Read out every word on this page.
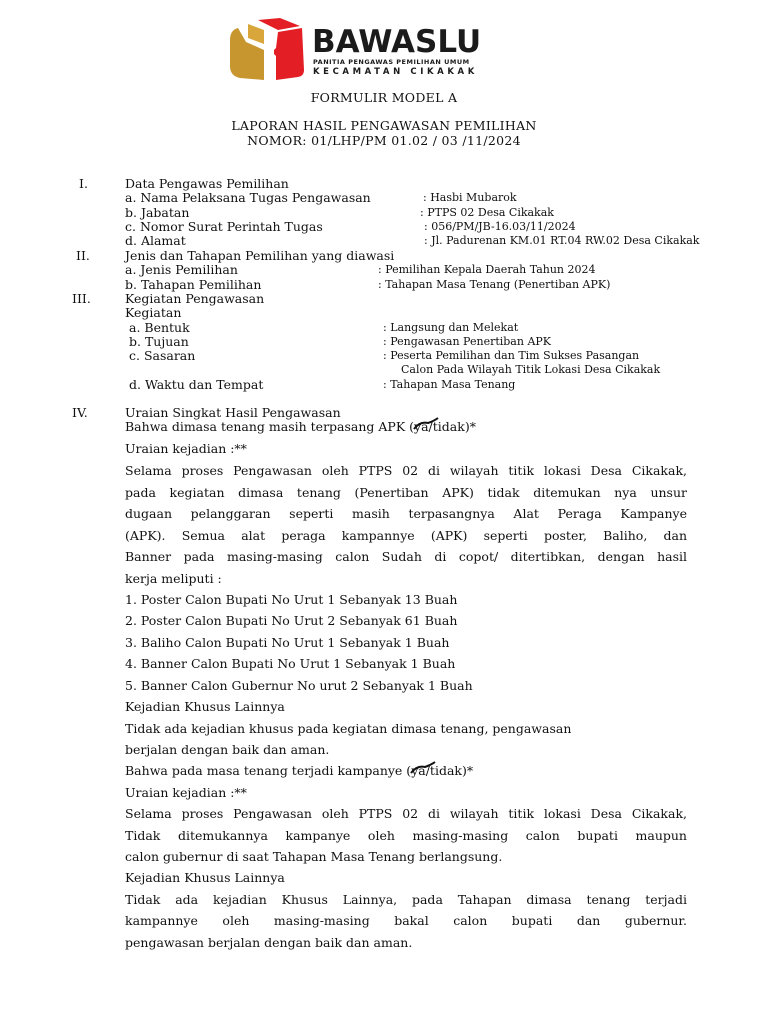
BAWASLU
PANITIA PENGAWAS PEMILIHAN UMUM
KECAMATAN CIKAKAK
FORMULIR MODEL A
LAPORAN HASIL PENGAWASAN PEMILIHAN
NOMOR: 01/LHP/PM 01.02 / 03 /11/2024
I.	Data Pengawas Pemilihan
a. Nama Pelaksana Tugas Pengawasan	: Hasbi Mubarok
b. Jabatan	: PTPS 02 Desa Cikakak
c. Nomor Surat Perintah Tugas	: 056/PM/JB-16.03/11/2024
d. Alamat	: Jl. Padurenan KM.01 RT.04 RW.02 Desa Cikakak
II.	Jenis dan Tahapan Pemilihan yang diawasi
a. Jenis Pemilihan	: Pemilihan Kepala Daerah Tahun 2024
b. Tahapan Pemilihan	: Tahapan Masa Tenang (Penertiban APK)
III.	Kegiatan Pengawasan
Kegiatan
a. Bentuk	: Langsung dan Melekat
b. Tujuan	: Pengawasan Penertiban APK
c. Sasaran	: Peserta Pemilihan dan Tim Sukses Pasangan
Calon Pada Wilayah Titik Lokasi Desa Cikakak
d. Waktu dan Tempat	: Tahapan Masa Tenang
IV.	Uraian Singkat Hasil Pengawasan
Bahwa dimasa tenang masih terpasang APK (ya/
tidak)*
Uraian kejadian :**
Selama proses Pengawasan oleh PTPS 02 di wilayah titik lokasi Desa Cikakak,
pada kegiatan dimasa tenang (Penertiban APK) tidak ditemukan nya unsur
dugaan pelanggaran seperti masih terpasangnya Alat Peraga Kampanye
(APK). Semua alat peraga kampannye (APK) seperti poster, Baliho, dan
Banner pada masing-masing calon Sudah di copot/ ditertibkan, dengan hasil
kerja meliputi :
1. Poster Calon Bupati No Urut 1 Sebanyak 13 Buah
2. Poster Calon Bupati No Urut 2 Sebanyak 61 Buah
3. Baliho Calon Bupati No Urut 1 Sebanyak 1 Buah
4. Banner Calon Bupati No Urut 1 Sebanyak 1 Buah
5. Banner Calon Gubernur No urut 2 Sebanyak 1 Buah
Kejadian Khusus Lainnya
Tidak ada kejadian khusus pada kegiatan dimasa tenang, pengawasan
berjalan dengan baik dan aman.
Bahwa pada masa tenang terjadi kampanye (ya/
tidak)*
Uraian kejadian :**
Selama proses Pengawasan oleh PTPS 02 di wilayah titik lokasi Desa Cikakak,
Tidak ditemukannya kampanye oleh masing-masing calon bupati maupun
calon gubernur di saat Tahapan Masa Tenang berlangsung.
Kejadian Khusus Lainnya
Tidak ada kejadian Khusus Lainnya, pada Tahapan dimasa tenang terjadi
kampannye oleh masing-masing bakal calon bupati dan gubernur.
pengawasan berjalan dengan baik dan aman.
